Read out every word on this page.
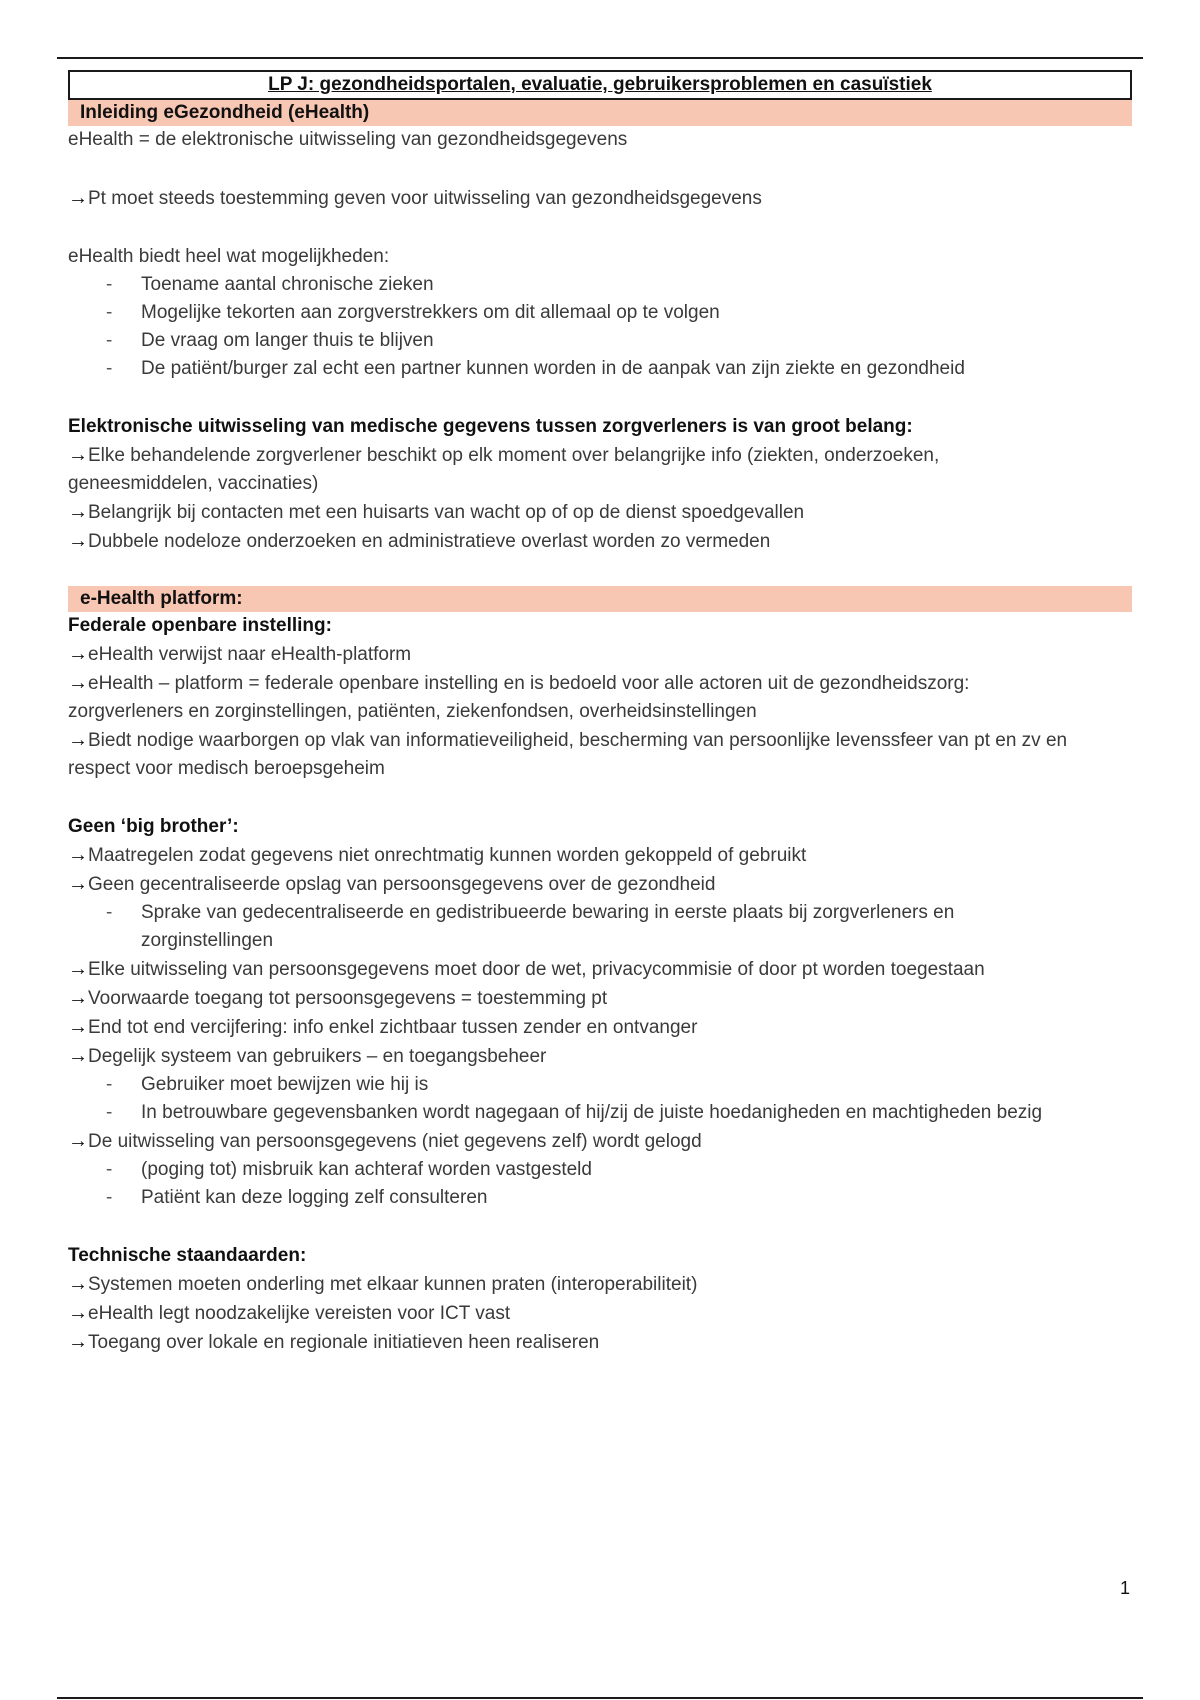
LP J: gezondheidsportalen, evaluatie, gebruikersproblemen en casuïstiek
Inleiding eGezondheid (eHealth)
eHealth = de elektronische uitwisseling van gezondheidsgegevens
→Pt moet steeds toestemming geven voor uitwisseling van gezondheidsgegevens
eHealth biedt heel wat mogelijkheden:
- Toename aantal chronische zieken
- Mogelijke tekorten aan zorgverstrekkers om dit allemaal op te volgen
- De vraag om langer thuis te blijven
- De patiënt/burger zal echt een partner kunnen worden in de aanpak van zijn ziekte en gezondheid
Elektronische uitwisseling van medische gegevens tussen zorgverleners is van groot belang:
→Elke behandelende zorgverlener beschikt op elk moment over belangrijke info (ziekten, onderzoeken,
geneesmiddelen, vaccinaties)
→Belangrijk bij contacten met een huisarts van wacht op of op de dienst spoedgevallen
→Dubbele nodeloze onderzoeken en administratieve overlast worden zo vermeden
e-Health platform:
Federale openbare instelling:
→eHealth verwijst naar eHealth-platform
→eHealth – platform = federale openbare instelling en is bedoeld voor alle actoren uit de gezondheidszorg:
zorgverleners en zorginstellingen, patiënten, ziekenfondsen, overheidsinstellingen
→Biedt nodige waarborgen op vlak van informatieveiligheid, bescherming van persoonlijke levenssfeer van pt en zv en
respect voor medisch beroepsgeheim
Geen ‘big brother’:
→Maatregelen zodat gegevens niet onrechtmatig kunnen worden gekoppeld of gebruikt
→Geen gecentraliseerde opslag van persoonsgegevens over de gezondheid
- Sprake van gedecentraliseerde en gedistribueerde bewaring in eerste plaats bij zorgverleners en
zorginstellingen
→Elke uitwisseling van persoonsgegevens moet door de wet, privacycommisie of door pt worden toegestaan
→Voorwaarde toegang tot persoonsgegevens = toestemming pt
→End tot end vercijfering: info enkel zichtbaar tussen zender en ontvanger
→Degelijk systeem van gebruikers – en toegangsbeheer
- Gebruiker moet bewijzen wie hij is
- In betrouwbare gegevensbanken wordt nagegaan of hij/zij de juiste hoedanigheden en machtigheden bezig
→De uitwisseling van persoonsgegevens (niet gegevens zelf) wordt gelogd
- (poging tot) misbruik kan achteraf worden vastgesteld
- Patiënt kan deze logging zelf consulteren
Technische staandaarden:
→Systemen moeten onderling met elkaar kunnen praten (interoperabiliteit)
→eHealth legt noodzakelijke vereisten voor ICT vast
→Toegang over lokale en regionale initiatieven heen realiseren
1
